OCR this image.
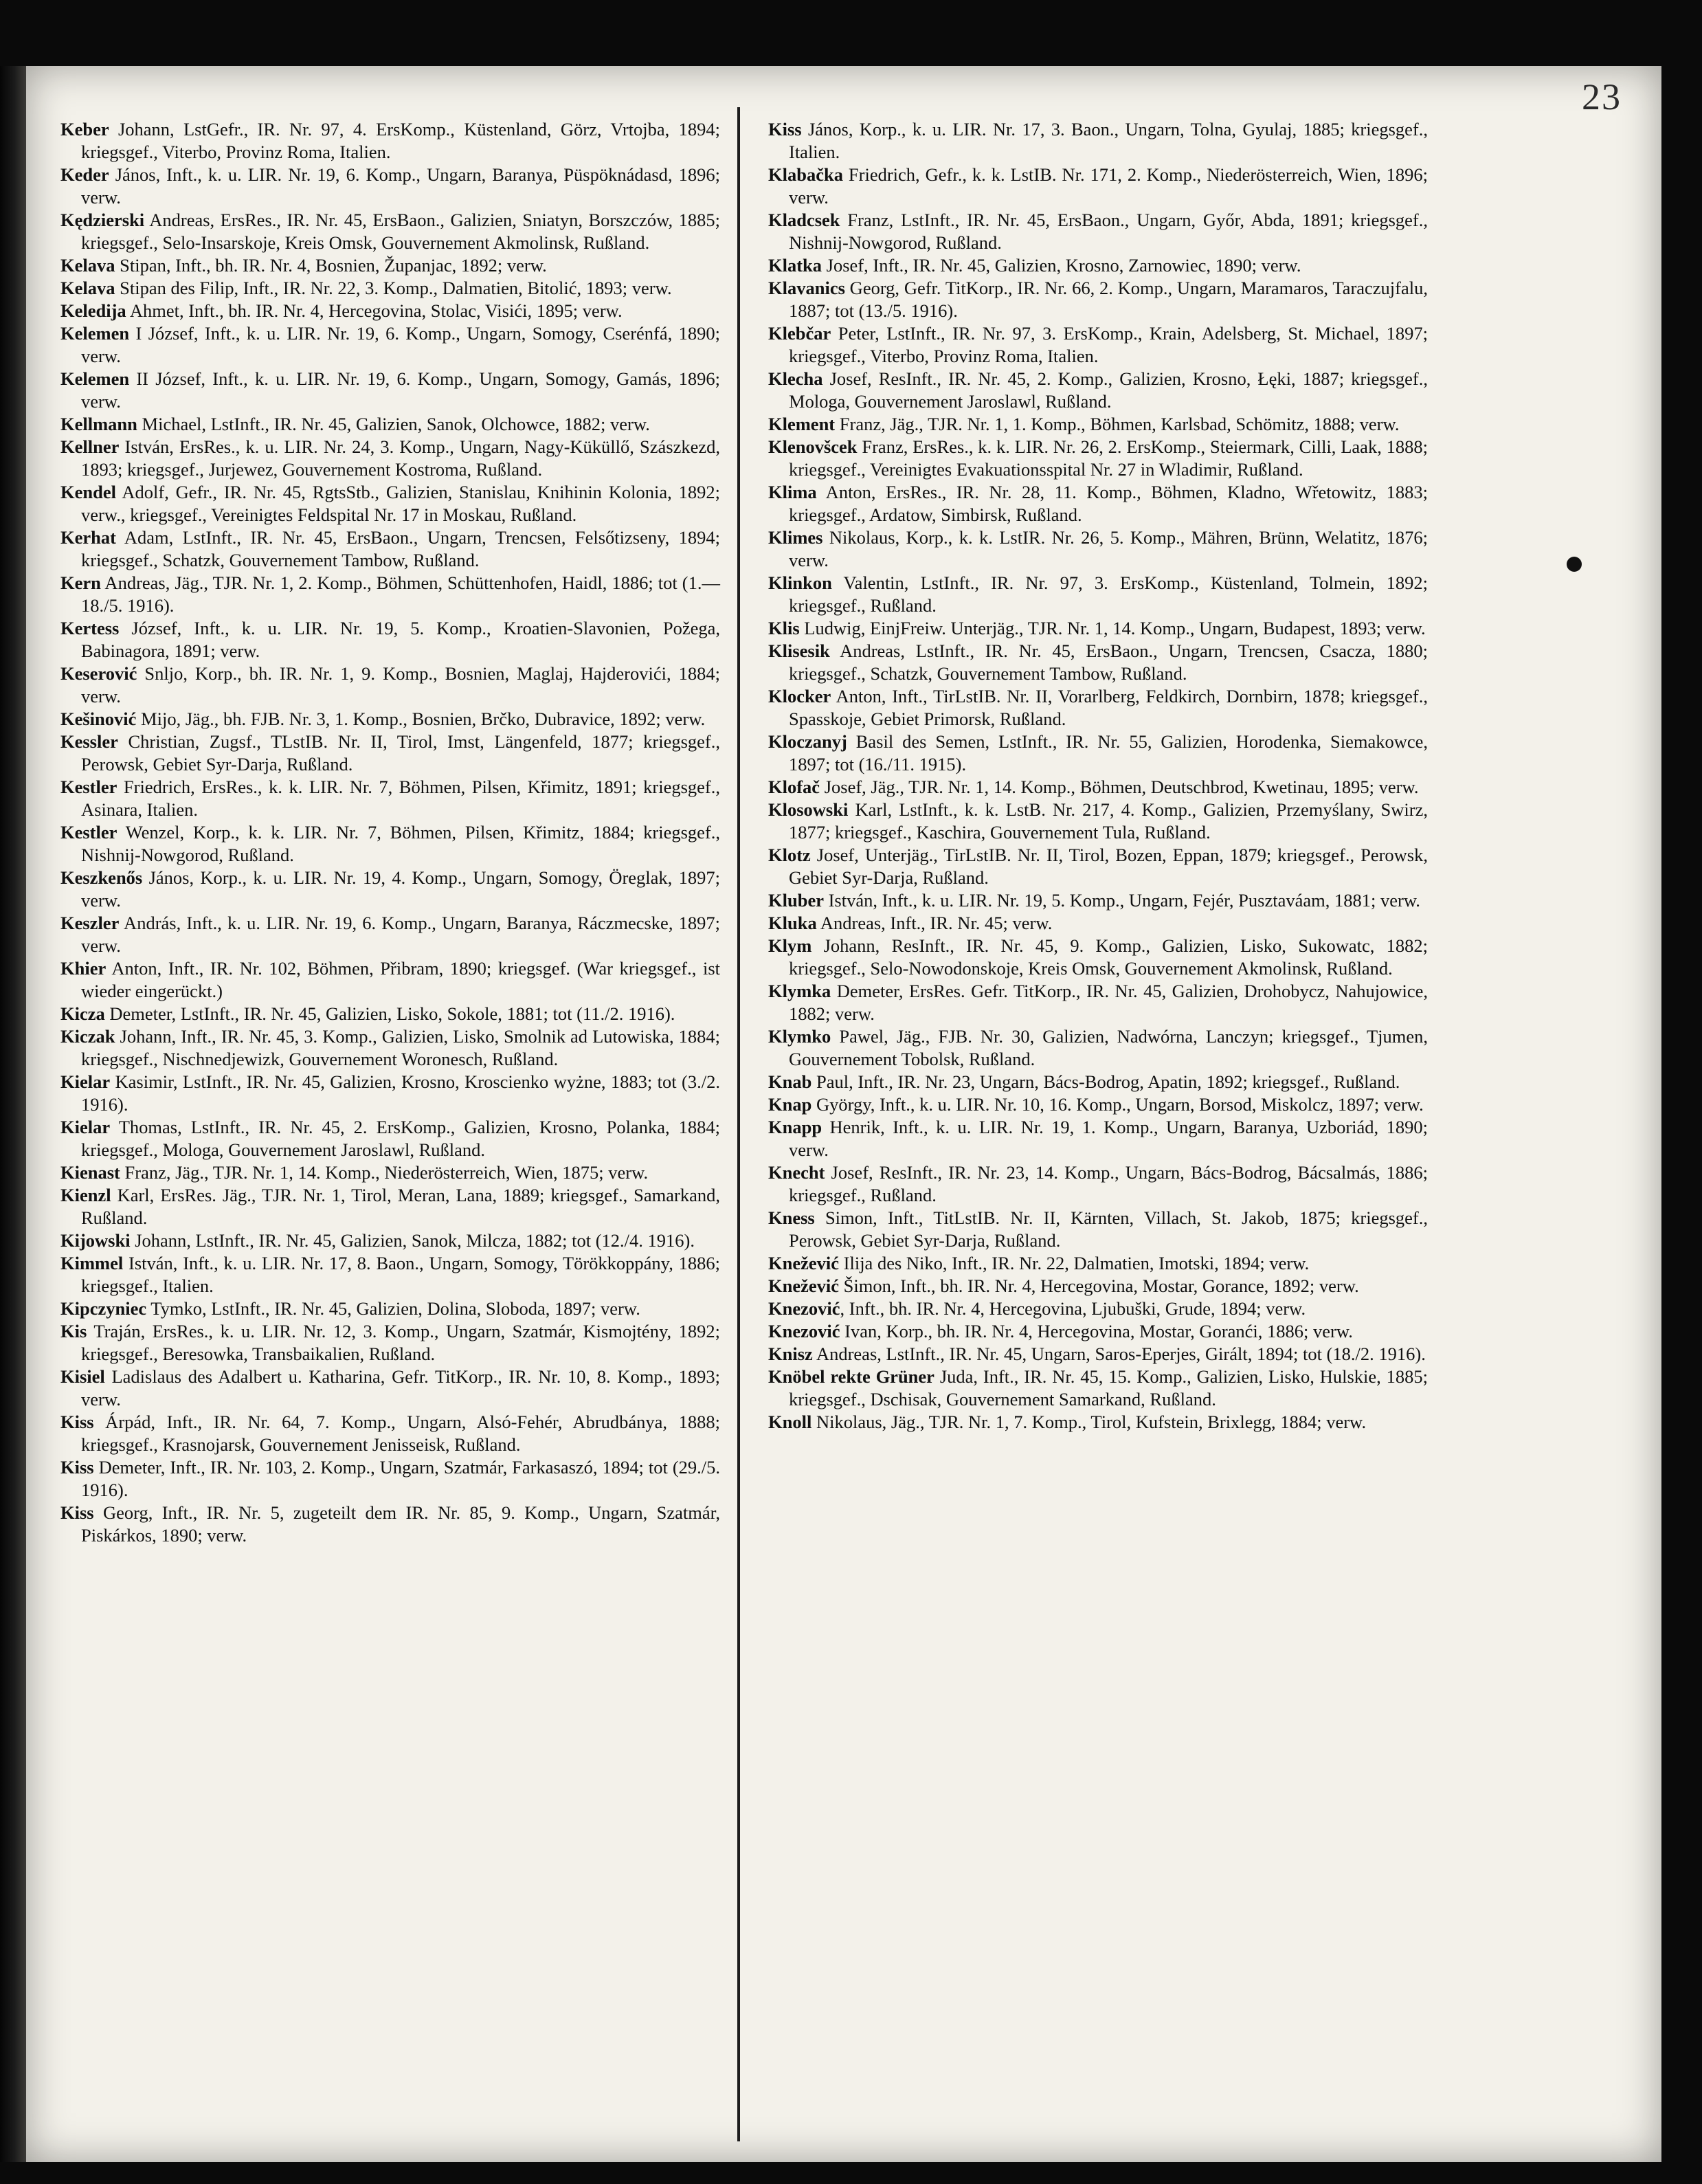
23

Keber Johann, LstGefr., IR. Nr. 97, 4. ErsKomp., Küstenland, Görz, Vrtojba, 1894; kriegsgef., Viterbo, Provinz Roma, Italien.

Keder János, Inft., k. u. LIR. Nr. 19, 6. Komp., Ungarn, Baranya, Püspöknádasd, 1896; verw.

Kędzierski Andreas, ErsRes., IR. Nr. 45, ErsBaon., Galizien, Sniatyn, Borszczów, 1885; kriegsgef., Selo-Insarskoje, Kreis Omsk, Gouvernement Akmolinsk, Rußland.

Kelava Stipan, Inft., bh. IR. Nr. 4, Bosnien, Županjac, 1892; verw.

Kelava Stipan des Filip, Inft., IR. Nr. 22, 3. Komp., Dalmatien, Bitolić, 1893; verw.

Keledija Ahmet, Inft., bh. IR. Nr. 4, Hercegovina, Stolac, Visići, 1895; verw.

Kelemen I József, Inft., k. u. LIR. Nr. 19, 6. Komp., Ungarn, Somogy, Cserénfá, 1890; verw.

Kelemen II József, Inft., k. u. LIR. Nr. 19, 6. Komp., Ungarn, Somogy, Gamás, 1896; verw.

Kellmann Michael, LstInft., IR. Nr. 45, Galizien, Sanok, Olchowce, 1882; verw.

Kellner István, ErsRes., k. u. LIR. Nr. 24, 3. Komp., Ungarn, Nagy-Küküllő, Szászkezd, 1893; kriegsgef., Jurjewez, Gouvernement Kostroma, Rußland.

Kendel Adolf, Gefr., IR. Nr. 45, RgtsStb., Galizien, Stanislau, Knihinin Kolonia, 1892; verw., kriegsgef., Vereinigtes Feldspital Nr. 17 in Moskau, Rußland.

Kerhat Adam, LstInft., IR. Nr. 45, ErsBaon., Ungarn, Trencsen, Felsőtizseny, 1894; kriegsgef., Schatzk, Gouvernement Tambow, Rußland.

Kern Andreas, Jäg., TJR. Nr. 1, 2. Komp., Böhmen, Schüttenhofen, Haidl, 1886; tot (1.—18./5. 1916).

Kertess József, Inft., k. u. LIR. Nr. 19, 5. Komp., Kroatien-Slavonien, Požega, Babinagora, 1891; verw.

Keserović Snljo, Korp., bh. IR. Nr. 1, 9. Komp., Bosnien, Maglaj, Hajderovići, 1884; verw.

Kešinović Mijo, Jäg., bh. FJB. Nr. 3, 1. Komp., Bosnien, Brčko, Dubravice, 1892; verw.

Kessler Christian, Zugsf., TLstIB. Nr. II, Tirol, Imst, Längenfeld, 1877; kriegsgef., Perowsk, Gebiet Syr-Darja, Rußland.

Kestler Friedrich, ErsRes., k. k. LIR. Nr. 7, Böhmen, Pilsen, Křimitz, 1891; kriegsgef., Asinara, Italien.

Kestler Wenzel, Korp., k. k. LIR. Nr. 7, Böhmen, Pilsen, Křimitz, 1884; kriegsgef., Nishnij-Nowgorod, Rußland.

Keszkenős János, Korp., k. u. LIR. Nr. 19, 4. Komp., Ungarn, Somogy, Öreglak, 1897; verw.

Keszler András, Inft., k. u. LIR. Nr. 19, 6. Komp., Ungarn, Baranya, Ráczmecske, 1897; verw.

Khier Anton, Inft., IR. Nr. 102, Böhmen, Přibram, 1890; kriegsgef. (War kriegsgef., ist wieder eingerückt.)

Kicza Demeter, LstInft., IR. Nr. 45, Galizien, Lisko, Sokole, 1881; tot (11./2. 1916).

Kiczak Johann, Inft., IR. Nr. 45, 3. Komp., Galizien, Lisko, Smolnik ad Lutowiska, 1884; kriegsgef., Nischnedjewizk, Gouvernement Woronesch, Rußland.

Kielar Kasimir, LstInft., IR. Nr. 45, Galizien, Krosno, Kroscienko wyżne, 1883; tot (3./2. 1916).

Kielar Thomas, LstInft., IR. Nr. 45, 2. ErsKomp., Galizien, Krosno, Polanka, 1884; kriegsgef., Mologa, Gouvernement Jaroslawl, Rußland.

Kienast Franz, Jäg., TJR. Nr. 1, 14. Komp., Niederösterreich, Wien, 1875; verw.

Kienzl Karl, ErsRes. Jäg., TJR. Nr. 1, Tirol, Meran, Lana, 1889; kriegsgef., Samarkand, Rußland.

Kijowski Johann, LstInft., IR. Nr. 45, Galizien, Sanok, Milcza, 1882; tot (12./4. 1916).

Kimmel István, Inft., k. u. LIR. Nr. 17, 8. Baon., Ungarn, Somogy, Törökkoppány, 1886; kriegsgef., Italien.

Kipczyniec Tymko, LstInft., IR. Nr. 45, Galizien, Dolina, Sloboda, 1897; verw.

Kis Traján, ErsRes., k. u. LIR. Nr. 12, 3. Komp., Ungarn, Szatmár, Kismojtény, 1892; kriegsgef., Beresowka, Transbaikalien, Rußland.

Kisiel Ladislaus des Adalbert u. Katharina, Gefr. TitKorp., IR. Nr. 10, 8. Komp., 1893; verw.

Kiss Árpád, Inft., IR. Nr. 64, 7. Komp., Ungarn, Alsó-Fehér, Abrudbánya, 1888; kriegsgef., Krasnojarsk, Gouvernement Jenisseisk, Rußland.

Kiss Demeter, Inft., IR. Nr. 103, 2. Komp., Ungarn, Szatmár, Farkasaszó, 1894; tot (29./5. 1916).

Kiss Georg, Inft., IR. Nr. 5, zugeteilt dem IR. Nr. 85, 9. Komp., Ungarn, Szatmár, Piskárkos, 1890; verw.

Kiss János, Korp., k. u. LIR. Nr. 17, 3. Baon., Ungarn, Tolna, Gyulaj, 1885; kriegsgef., Italien.

Klabačka Friedrich, Gefr., k. k. LstIB. Nr. 171, 2. Komp., Niederösterreich, Wien, 1896; verw.

Kladcsek Franz, LstInft., IR. Nr. 45, ErsBaon., Ungarn, Győr, Abda, 1891; kriegsgef., Nishnij-Nowgorod, Rußland.

Klatka Josef, Inft., IR. Nr. 45, Galizien, Krosno, Zarnowiec, 1890; verw.

Klavanics Georg, Gefr. TitKorp., IR. Nr. 66, 2. Komp., Ungarn, Maramaros, Taraczujfalu, 1887; tot (13./5. 1916).

Klebčar Peter, LstInft., IR. Nr. 97, 3. ErsKomp., Krain, Adelsberg, St. Michael, 1897; kriegsgef., Viterbo, Provinz Roma, Italien.

Klecha Josef, ResInft., IR. Nr. 45, 2. Komp., Galizien, Krosno, Łęki, 1887; kriegsgef., Mologa, Gouvernement Jaroslawl, Rußland.

Klement Franz, Jäg., TJR. Nr. 1, 1. Komp., Böhmen, Karlsbad, Schömitz, 1888; verw.

Klenovšcek Franz, ErsRes., k. k. LIR. Nr. 26, 2. ErsKomp., Steiermark, Cilli, Laak, 1888; kriegsgef., Vereinigtes Evakuationsspital Nr. 27 in Wladimir, Rußland.

Klima Anton, ErsRes., IR. Nr. 28, 11. Komp., Böhmen, Kladno, Wřetowitz, 1883; kriegsgef., Ardatow, Simbirsk, Rußland.

Klimes Nikolaus, Korp., k. k. LstIR. Nr. 26, 5. Komp., Mähren, Brünn, Welatitz, 1876; verw.

Klinkon Valentin, LstInft., IR. Nr. 97, 3. ErsKomp., Küstenland, Tolmein, 1892; kriegsgef., Rußland.

Klis Ludwig, EinjFreiw. Unterjäg., TJR. Nr. 1, 14. Komp., Ungarn, Budapest, 1893; verw.

Klisesik Andreas, LstInft., IR. Nr. 45, ErsBaon., Ungarn, Trencsen, Csacza, 1880; kriegsgef., Schatzk, Gouvernement Tambow, Rußland.

Klocker Anton, Inft., TirLstIB. Nr. II, Vorarlberg, Feldkirch, Dornbirn, 1878; kriegsgef., Spasskoje, Gebiet Primorsk, Rußland.

Kloczanyj Basil des Semen, LstInft., IR. Nr. 55, Galizien, Horodenka, Siemakowce, 1897; tot (16./11. 1915).

Klofač Josef, Jäg., TJR. Nr. 1, 14. Komp., Böhmen, Deutschbrod, Kwetinau, 1895; verw.

Klosowski Karl, LstInft., k. k. LstB. Nr. 217, 4. Komp., Galizien, Przemyślany, Swirz, 1877; kriegsgef., Kaschira, Gouvernement Tula, Rußland.

Klotz Josef, Unterjäg., TirLstIB. Nr. II, Tirol, Bozen, Eppan, 1879; kriegsgef., Perowsk, Gebiet Syr-Darja, Rußland.

Kluber István, Inft., k. u. LIR. Nr. 19, 5. Komp., Ungarn, Fejér, Pusztaváam, 1881; verw.

Kluka Andreas, Inft., IR. Nr. 45; verw.

Klym Johann, ResInft., IR. Nr. 45, 9. Komp., Galizien, Lisko, Sukowatc, 1882; kriegsgef., Selo-Nowodonskoje, Kreis Omsk, Gouvernement Akmolinsk, Rußland.

Klymka Demeter, ErsRes. Gefr. TitKorp., IR. Nr. 45, Galizien, Drohobycz, Nahujowice, 1882; verw.

Klymko Pawel, Jäg., FJB. Nr. 30, Galizien, Nadwórna, Lanczyn; kriegsgef., Tjumen, Gouvernement Tobolsk, Rußland.

Knab Paul, Inft., IR. Nr. 23, Ungarn, Bács-Bodrog, Apatin, 1892; kriegsgef., Rußland.

Knap György, Inft., k. u. LIR. Nr. 10, 16. Komp., Ungarn, Borsod, Miskolcz, 1897; verw.

Knapp Henrik, Inft., k. u. LIR. Nr. 19, 1. Komp., Ungarn, Baranya, Uzboriád, 1890; verw.

Knecht Josef, ResInft., IR. Nr. 23, 14. Komp., Ungarn, Bács-Bodrog, Bácsalmás, 1886; kriegsgef., Rußland.

Kness Simon, Inft., TitLstIB. Nr. II, Kärnten, Villach, St. Jakob, 1875; kriegsgef., Perowsk, Gebiet Syr-Darja, Rußland.

Knežević Ilija des Niko, Inft., IR. Nr. 22, Dalmatien, Imotski, 1894; verw.

Knežević Šimon, Inft., bh. IR. Nr. 4, Hercegovina, Mostar, Gorance, 1892; verw.

Knezović, Inft., bh. IR. Nr. 4, Hercegovina, Ljubuški, Grude, 1894; verw.

Knezović Ivan, Korp., bh. IR. Nr. 4, Hercegovina, Mostar, Goranći, 1886; verw.

Knisz Andreas, LstInft., IR. Nr. 45, Ungarn, Saros-Eperjes, Girált, 1894; tot (18./2. 1916).

Knöbel rekte Grüner Juda, Inft., IR. Nr. 45, 15. Komp., Galizien, Lisko, Hulskie, 1885; kriegsgef., Dschisak, Gouvernement Samarkand, Rußland.

Knoll Nikolaus, Jäg., TJR. Nr. 1, 7. Komp., Tirol, Kufstein, Brixlegg, 1884; verw.
